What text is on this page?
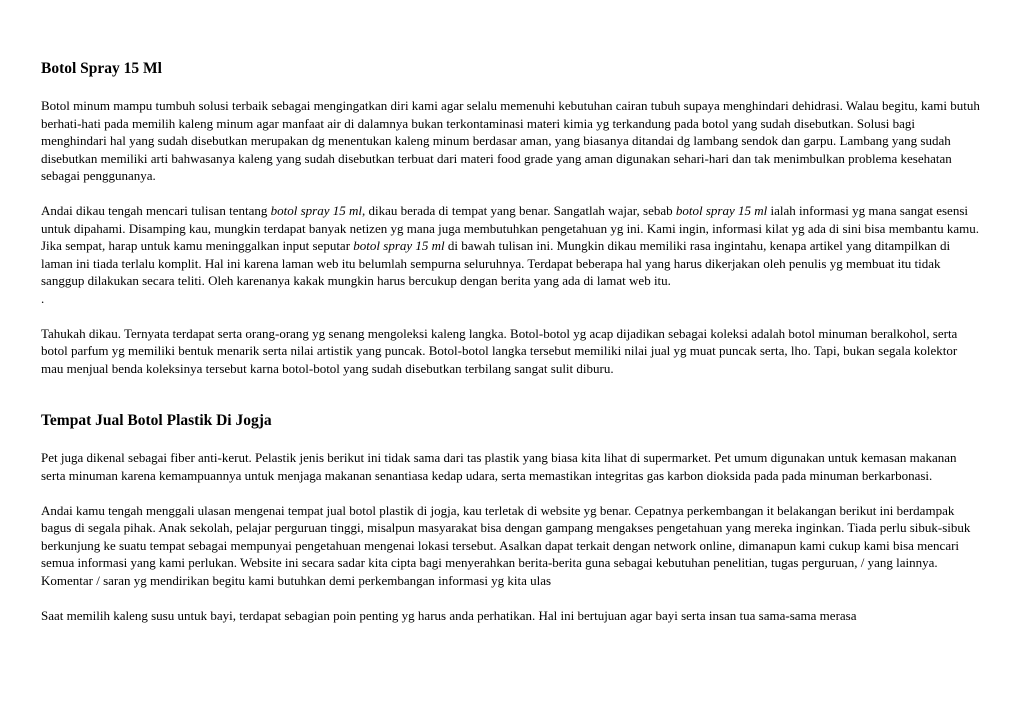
Botol Spray 15 Ml

Botol minum mampu tumbuh solusi terbaik sebagai mengingatkan diri kami agar selalu memenuhi kebutuhan cairan tubuh supaya menghindari dehidrasi. Walau begitu, kami butuh berhati-hati pada memilih kaleng minum agar manfaat air di dalamnya bukan terkontaminasi materi kimia yg terkandung pada botol yang sudah disebutkan. Solusi bagi menghindari hal yang sudah disebutkan merupakan dg menentukan kaleng minum berdasar aman, yang biasanya ditandai dg lambang sendok dan garpu. Lambang yang sudah disebutkan memiliki arti bahwasanya kaleng yang sudah disebutkan terbuat dari materi food grade yang aman digunakan sehari-hari dan tak menimbulkan problema kesehatan sebagai penggunanya.

Andai dikau tengah mencari tulisan tentang botol spray 15 ml, dikau berada di tempat yang benar. Sangatlah wajar, sebab botol spray 15 ml ialah informasi yg mana sangat esensi untuk dipahami. Disamping kau, mungkin terdapat banyak netizen yg mana juga membutuhkan pengetahuan yg ini. Kami ingin, informasi kilat yg ada di sini bisa membantu kamu. Jika sempat, harap untuk kamu meninggalkan input seputar botol spray 15 ml di bawah tulisan ini. Mungkin dikau memiliki rasa ingintahu, kenapa artikel yang ditampilkan di laman ini tiada terlalu komplit. Hal ini karena laman web itu belumlah sempurna seluruhnya. Terdapat beberapa hal yang harus dikerjakan oleh penulis yg membuat itu tidak sanggup dilakukan secara teliti. Oleh karenanya kakak mungkin harus bercukup dengan berita yang ada di lamat web itu.

.

Tahukah dikau. Ternyata terdapat serta orang-orang yg senang mengoleksi kaleng langka. Botol-botol yg acap dijadikan sebagai koleksi adalah botol minuman beralkohol, serta botol parfum yg memiliki bentuk menarik serta nilai artistik yang puncak. Botol-botol langka tersebut memiliki nilai jual yg muat puncak serta, lho. Tapi, bukan segala kolektor mau menjual benda koleksinya tersebut karna botol-botol yang sudah disebutkan terbilang sangat sulit diburu.

Tempat Jual Botol Plastik Di Jogja

Pet juga dikenal sebagai fiber anti-kerut. Pelastik jenis berikut ini tidak sama dari tas plastik yang biasa kita lihat di supermarket. Pet umum digunakan untuk kemasan makanan serta minuman karena kemampuannya untuk menjaga makanan senantiasa kedap udara, serta memastikan integritas gas karbon dioksida pada pada minuman berkarbonasi.

Andai kamu tengah menggali ulasan mengenai tempat jual botol plastik di jogja, kau terletak di website yg benar. Cepatnya perkembangan it belakangan berikut ini berdampak bagus di segala pihak. Anak sekolah, pelajar perguruan tinggi, misalpun masyarakat bisa dengan gampang mengakses pengetahuan yang mereka inginkan. Tiada perlu sibuk-sibuk berkunjung ke suatu tempat sebagai mempunyai pengetahuan mengenai lokasi tersebut. Asalkan dapat terkait dengan network online, dimanapun kami cukup kami bisa mencari semua informasi yang kami perlukan. Website ini secara sadar kita cipta bagi menyerahkan berita-berita guna sebagai kebutuhan penelitian, tugas perguruan, / yang lainnya. Komentar / saran yg mendirikan begitu kami butuhkan demi perkembangan informasi yg kita ulas

Saat memilih kaleng susu untuk bayi, terdapat sebagian poin penting yg harus anda perhatikan. Hal ini bertujuan agar bayi serta insan tua sama-sama merasa
